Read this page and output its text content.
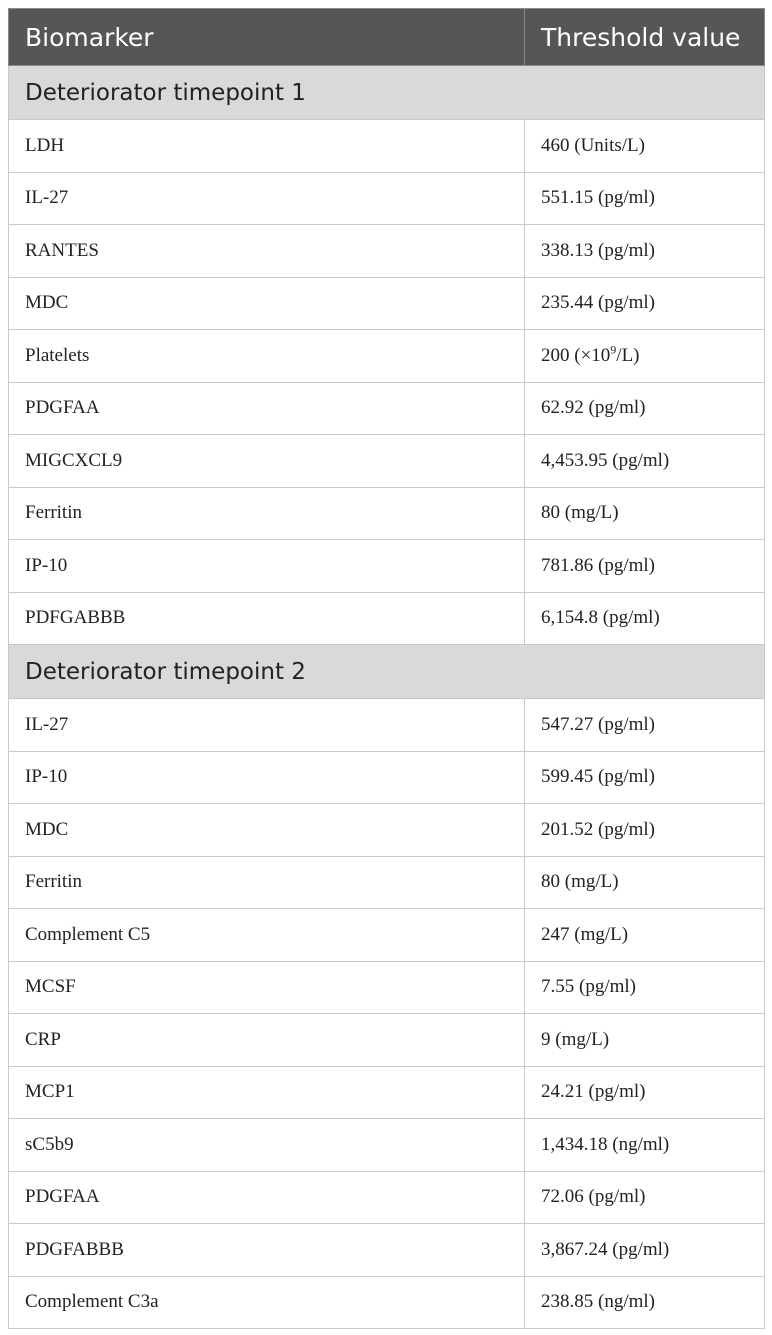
Biomarker	Threshold value
Deteriorator timepoint 1	
LDH	460 (Units/L)
IL-27	551.15 (pg/ml)
RANTES	338.13 (pg/ml)
MDC	235.44 (pg/ml)
Platelets	200 $(\times 10^9/L)$
PDGFAA	62.92 (pg/ml)
MIGCXCL9	4,453.95 (pg/ml)
Ferritin	80 (mg/L)
IP-10	781.86 (pg/ml)
PDFGABBB	6,154.8 (pg/ml)
Deteriorator timepoint 2	
IL-27	547.27 (pg/ml)
IP-10	599.45 (pg/ml)
MDC	201.52 (pg/ml)
Ferritin	80 (mg/L)
Complement C5	247 (mg/L)
MCSF	7.55 (pg/ml)
CRP	9 (mg/L)
MCP1	24.21 (pg/ml)
sC5b9	1,434.18 (ng/ml)
PDGFAA	72.06 (pg/ml)
PDGFABBB	3,867.24 (pg/ml)
Complement C3a	238.85 (ng/ml)
